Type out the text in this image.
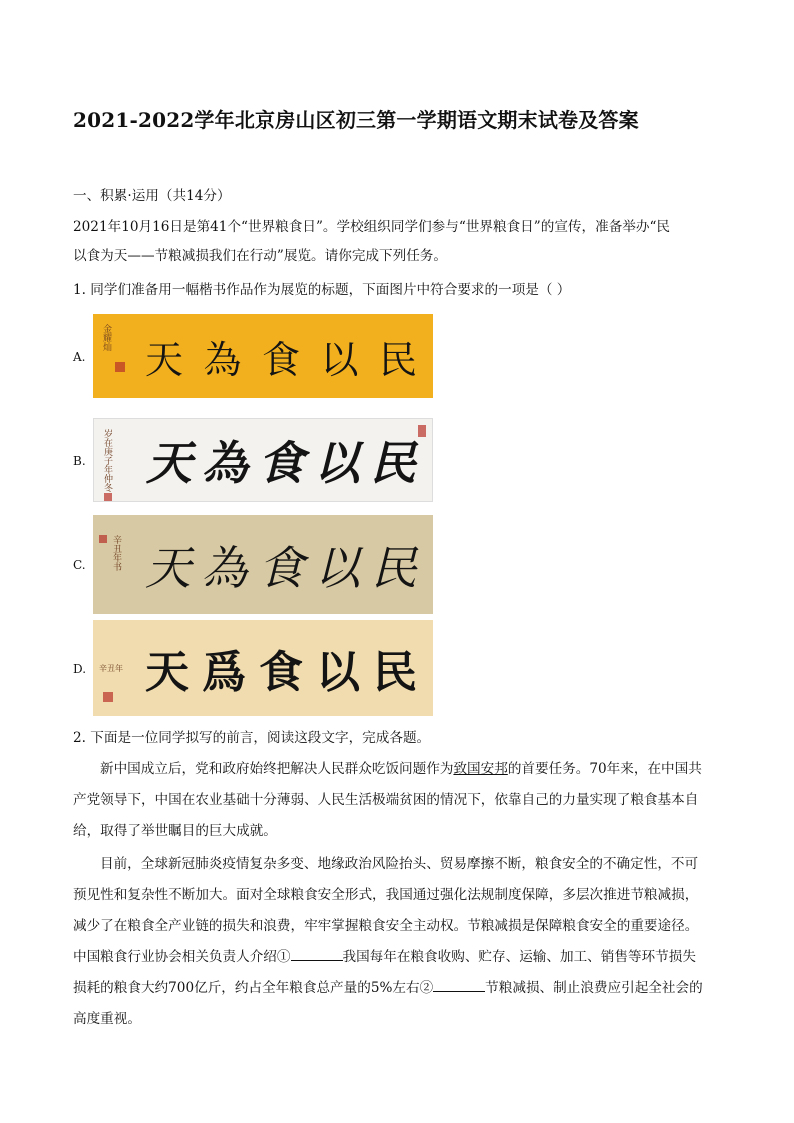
2021-2022学年北京房山区初三第一学期语文期末试卷及答案
一、积累·运用（共14分）
2021年10月16日是第41个“世界粮食日”。学校组织同学们参与“世界粮食日”的宣传，准备举办“民
以食为天——节粮减损我们在行动”展览。请你完成下列任务。
1. 同学们准备用一幅楷书作品作为展览的标题，下面图片中符合要求的一项是（ ）
A.
金耀灿 天 為 食 以 民
B. 岁在庚子年仲冬 天 為 食 以 民
C.	辛丑年书 天 為 食 以 民
D. 辛丑年 天 爲 食 以 民
2. 下面是一位同学拟写的前言，阅读这段文字，完成各题。
新中国成立后，党和政府始终把解决人民群众吃饭问题作为致国安邦的首要任务。70年来，在中国共
产党领导下，中国在农业基础十分薄弱、人民生活极端贫困的情况下，依靠自己的力量实现了粮食基本自
给，取得了举世瞩目的巨大成就。
目前，全球新冠肺炎疫情复杂多变、地缘政治风险抬头、贸易摩擦不断，粮食安全的不确定性，不可
预见性和复杂性不断加大。面对全球粮食安全形式，我国通过强化法规制度保障，多层次推进节粮减损，
减少了在粮食全产业链的损失和浪费，牢牢掌握粮食安全主动权。节粮减损是保障粮食安全的重要途径。
中国粮食行业协会相关负责人介绍①	我国每年在粮食收购、贮存、运输、加工、销售等环节损失
损耗的粮食大约700亿斤，约占全年粮食总产量的5%左右②	节粮减损、制止浪费应引起全社会的
高度重视。
